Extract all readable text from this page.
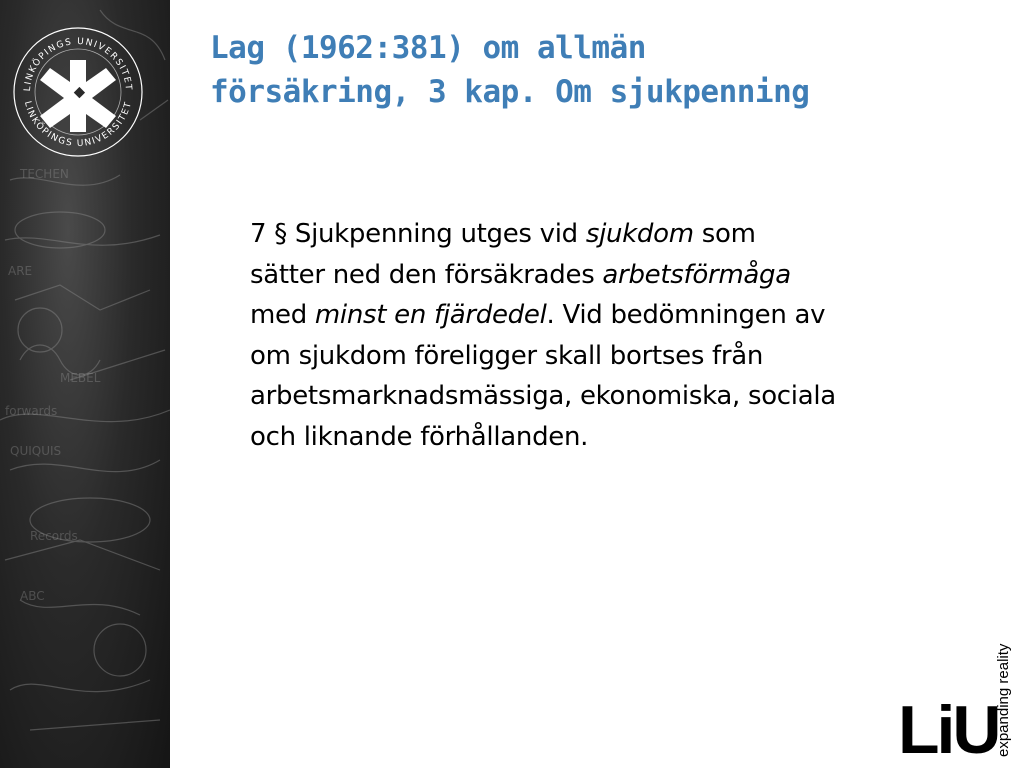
TECHEN
ARE
MEBEL
forwards
QUIQUIS
Records
ABC
LINKÖPINGS UNIVERSITET
LINKÖPINGS UNIVERSITET
Lag (1962:381) om allmän
försäkring, 3 kap. Om sjukpenning
7 § Sjukpenning utges vid sjukdom som
sätter ned den försäkrades arbetsförmåga
med minst en fjärdedel. Vid bedömningen av
om sjukdom föreligger skall bortses från
arbetsmarknadsmässiga, ekonomiska, sociala
och liknande förhållanden.
LiU
expanding reality
